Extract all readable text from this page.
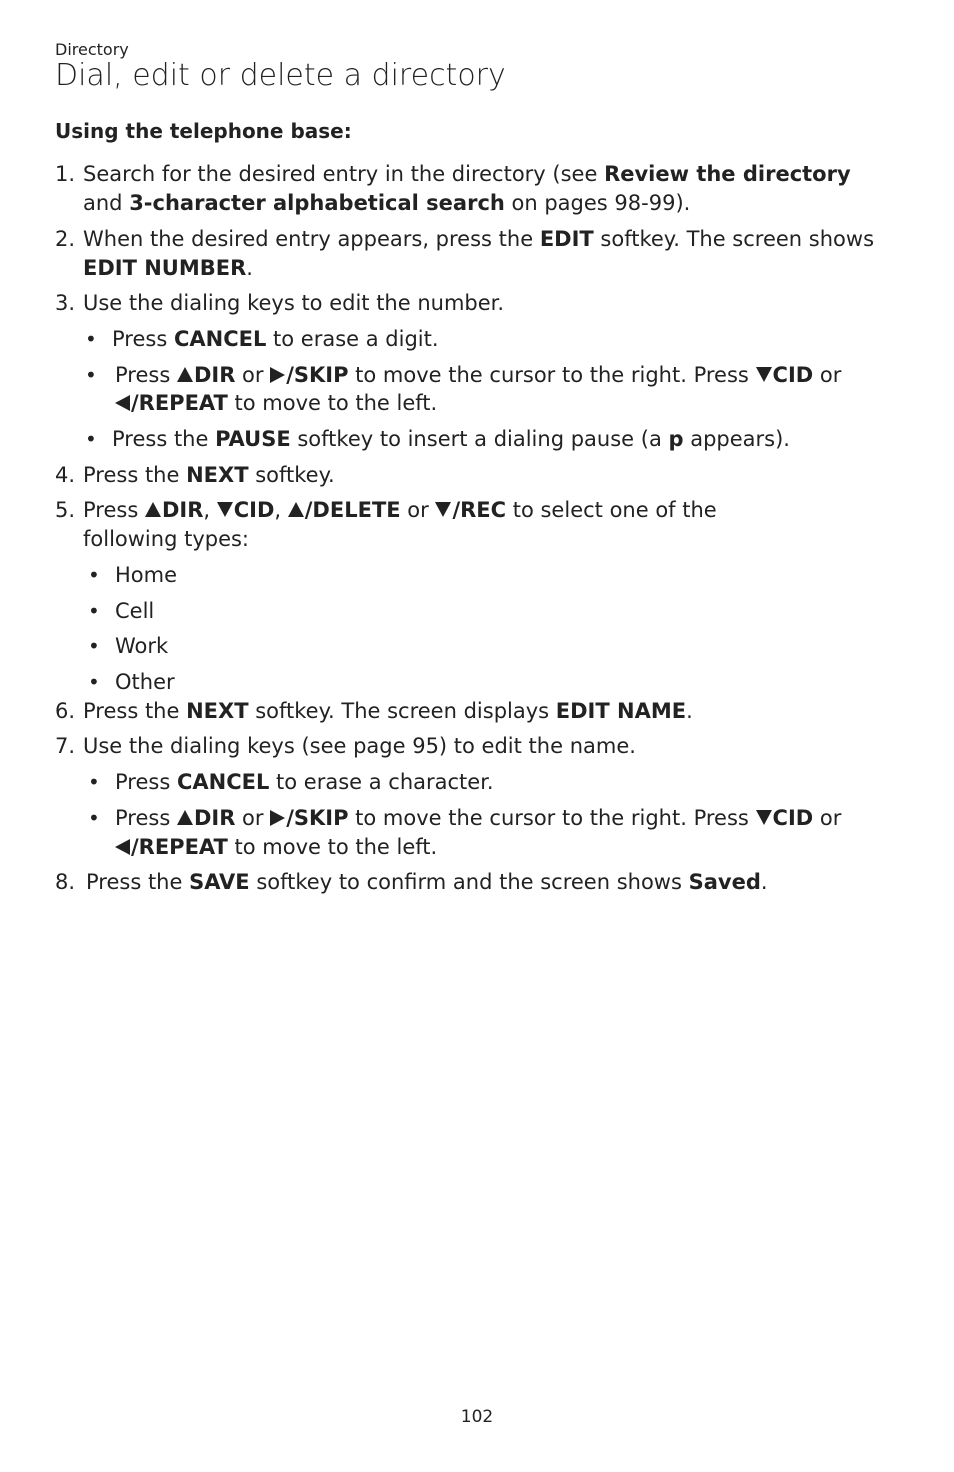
Directory
Dial, edit or delete a directory
Using the telephone base:
1. Search for the desired entry in the directory (see Review the directory
and 3-character alphabetical search on pages 98-99).
2. When the desired entry appears, press the EDIT softkey. The screen shows
EDIT NUMBER.
3. Use the dialing keys to edit the number.
• Press CANCEL to erase a digit.
• Press DIR or /SKIP to move the cursor to the right. Press CID or
/REPEAT to move to the left.
• Press the PAUSE softkey to insert a dialing pause (a p appears).
4. Press the NEXT softkey.
5. Press DIR, CID, /DELETE or /REC to select one of the
following types:
• Home
• Cell
• Work
• Other
6. Press the NEXT softkey. The screen displays EDIT NAME.
7. Use the dialing keys (see page 95) to edit the name.
• Press CANCEL to erase a character.
• Press DIR or /SKIP to move the cursor to the right. Press CID or
/REPEAT to move to the left.
8. Press the SAVE softkey to confirm and the screen shows Saved.
102
